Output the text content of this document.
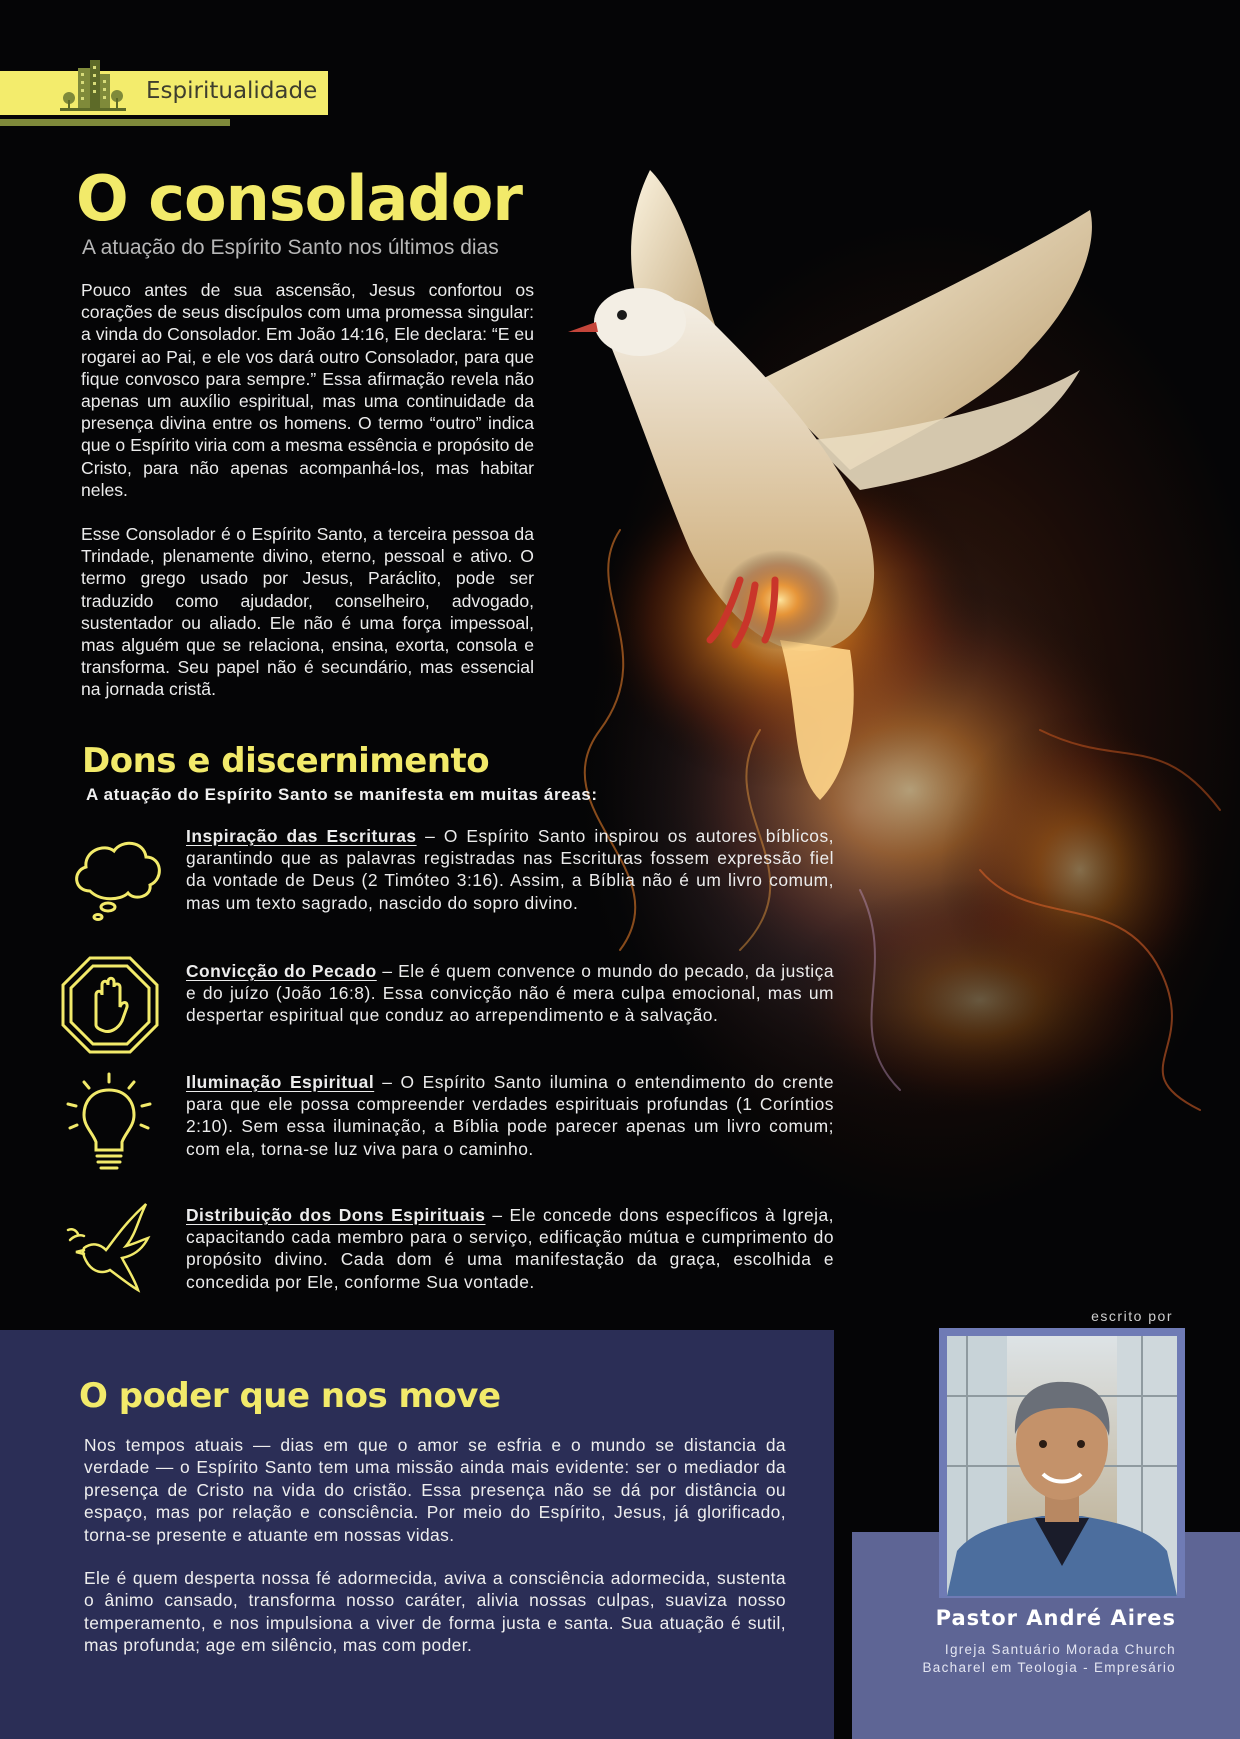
Espiritualidade
O consolador
A atuação do Espírito Santo nos últimos dias

Pouco antes de sua ascensão, Jesus confortou os corações de seus discípulos com uma promessa singular: a vinda do Consolador. Em João 14:16, Ele declara: “E eu rogarei ao Pai, e ele vos dará outro Consolador, para que fique convosco para sempre.” Essa afirmação revela não apenas um auxílio espiritual, mas uma continuidade da presença divina entre os homens. O termo “outro” indica que o Espírito viria com a mesma essência e propósito de Cristo, para não apenas acompanhá-los, mas habitar neles.

Esse Consolador é o Espírito Santo, a terceira pessoa da Trindade, plenamente divino, eterno, pessoal e ativo. O termo grego usado por Jesus, Paráclito, pode ser traduzido como ajudador, conselheiro, advogado, sustentador ou aliado. Ele não é uma força impessoal, mas alguém que se relaciona, ensina, exorta, consola e transforma. Seu papel não é secundário, mas essencial na jornada cristã.

Dons e discernimento
A atuação do Espírito Santo se manifesta em muitas áreas:

Inspiração das Escrituras – O Espírito Santo inspirou os autores bíblicos, garantindo que as palavras registradas nas Escrituras fossem expressão fiel da vontade de Deus (2 Timóteo 3:16). Assim, a Bíblia não é um livro comum, mas um texto sagrado, nascido do sopro divino.

Convicção do Pecado – Ele é quem convence o mundo do pecado, da justiça e do juízo (João 16:8). Essa convicção não é mera culpa emocional, mas um despertar espiritual que conduz ao arrependimento e à salvação.

Iluminação Espiritual – O Espírito Santo ilumina o entendimento do crente para que ele possa compreender verdades espirituais profundas (1 Coríntios 2:10). Sem essa iluminação, a Bíblia pode parecer apenas um livro comum; com ela, torna-se luz viva para o caminho.

Distribuição dos Dons Espirituais – Ele concede dons específicos à Igreja, capacitando cada membro para o serviço, edificação mútua e cumprimento do propósito divino. Cada dom é uma manifestação da graça, escolhida e concedida por Ele, conforme Sua vontade.

O poder que nos move

Nos tempos atuais — dias em que o amor se esfria e o mundo se distancia da verdade — o Espírito Santo tem uma missão ainda mais evidente: ser o mediador da presença de Cristo na vida do cristão. Essa presença não se dá por distância ou espaço, mas por relação e consciência. Por meio do Espírito, Jesus, já glorificado, torna-se presente e atuante em nossas vidas.

Ele é quem desperta nossa fé adormecida, aviva a consciência adormecida, sustenta o ânimo cansado, transforma nosso caráter, alivia nossas culpas, suaviza nosso temperamento, e nos impulsiona a viver de forma justa e santa. Sua atuação é sutil, mas profunda; age em silêncio, mas com poder.

escrito por
Pastor André Aires
Igreja Santuário Morada Church
Bacharel em Teologia - Empresário
